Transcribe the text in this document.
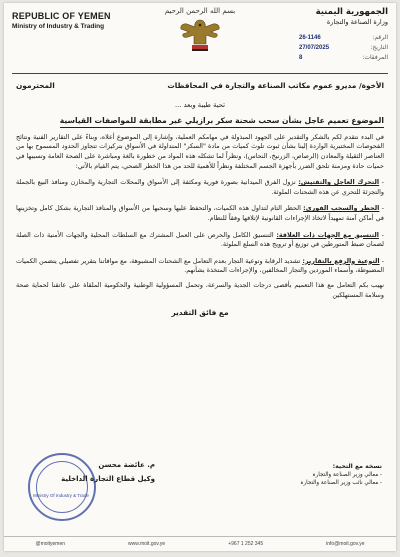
REPUBLIC OF YEMEN
Ministry of Industry & Trading
بسم الله الرحمن الرحيم	الجمهورية اليمنية
وزارة الصناعة والتجارة
الرقم:
26-1146
التاريخ:
27/07/2025
المرفقات:
8
الأخوة/ مديرو عموم مكاتب الصناعة والتجارة في المحافظات
المحترمون
تحية طيبة وبعد ...
الموضوع تعميم عاجل بشأن سحب شحنة سكر برازيلي غير مطابقة للمواصفات القياسية
في البدء نتقدم لكم بالشكر والتقدير على الجهود المبذولة في مهامكم العملية، وإشارة إلى الموضوع أعلاه، وبناءً على التقارير الفنية ونتائج الفحوصات المختبرية الواردة إلينا بشأن ثبوت تلوث كميات من مادة "السكر" المتداولة في الأسواق بتركيزات تتجاوز الحدود المسموح بها من العناصر الثقيلة والمعادن (الرصاص، الزرنيخ، النحاس)، ونظراً لما تشكله هذه المواد من خطورة بالغة ومباشرة على الصحة العامة وتسببها في حميات حادة ومزمنة تلحق الضرر بأجهزة الجسم المختلفة ونظراً للأهمية للحد من هذا الخطر الصحي، يتم القيام بالآتي:
- التحرك العاجل والتفتيش: نزول الفرق الميدانية بصورة فورية ومكثفة إلى الأسواق والمحلات التجارية والمخازن ومنافذ البيع بالجملة والتجزئة للتحري عن هذه الشحنات الملوثة.
- الحظر والسحب الفوري: الحظر التام لتداول هذه الكميات، والتحفظ عليها وسحبها من الأسواق والمنافذ التجارية بشكل كامل وتخزينها في أماكن آمنة تمهيداً لاتخاذ الإجراءات القانونية لإتلافها وفقاً للنظام.
- التنسيق مع الجهات ذات العلاقة: التنسيق الكامل والحرص على العمل المشترك مع السلطات المحلية والجهات الأمنية ذات الصلة لضمان ضبط المتورطين في توزيع أو ترويج هذه السلع الملوثة.
- التوعية والرفع بالتقارير: تشديد الرقابة وتوعية التجار بعدم التعامل مع الشحنات المشبوهة، مع موافاتنا بتقرير تفصيلي يتضمن الكميات المضبوطة، وأسماء الموردين والتجار المخالفين، والإجراءات المتخذة بشأنهم.
نهيب بكم التعامل مع هذا التعميم بأقصى درجات الجدية والسرعة، وتحمل المسؤولية الوطنية والحكومية الملقاة على عاتقنا لحماية صحة وسلامة المستهلكين
مع فائق التقدير
Ministry Of Industry & Trade
م. عائضة محسن
وكيل قطاع التجارة الداخلية
نسخة مع التحية:
- معالي وزير الصناعة والتجارة
- معالي نائب وزير الصناعة والتجارة
@moityemen	www.moit.gov.ye	+967 1 252 345	info@moit.gov.ye
